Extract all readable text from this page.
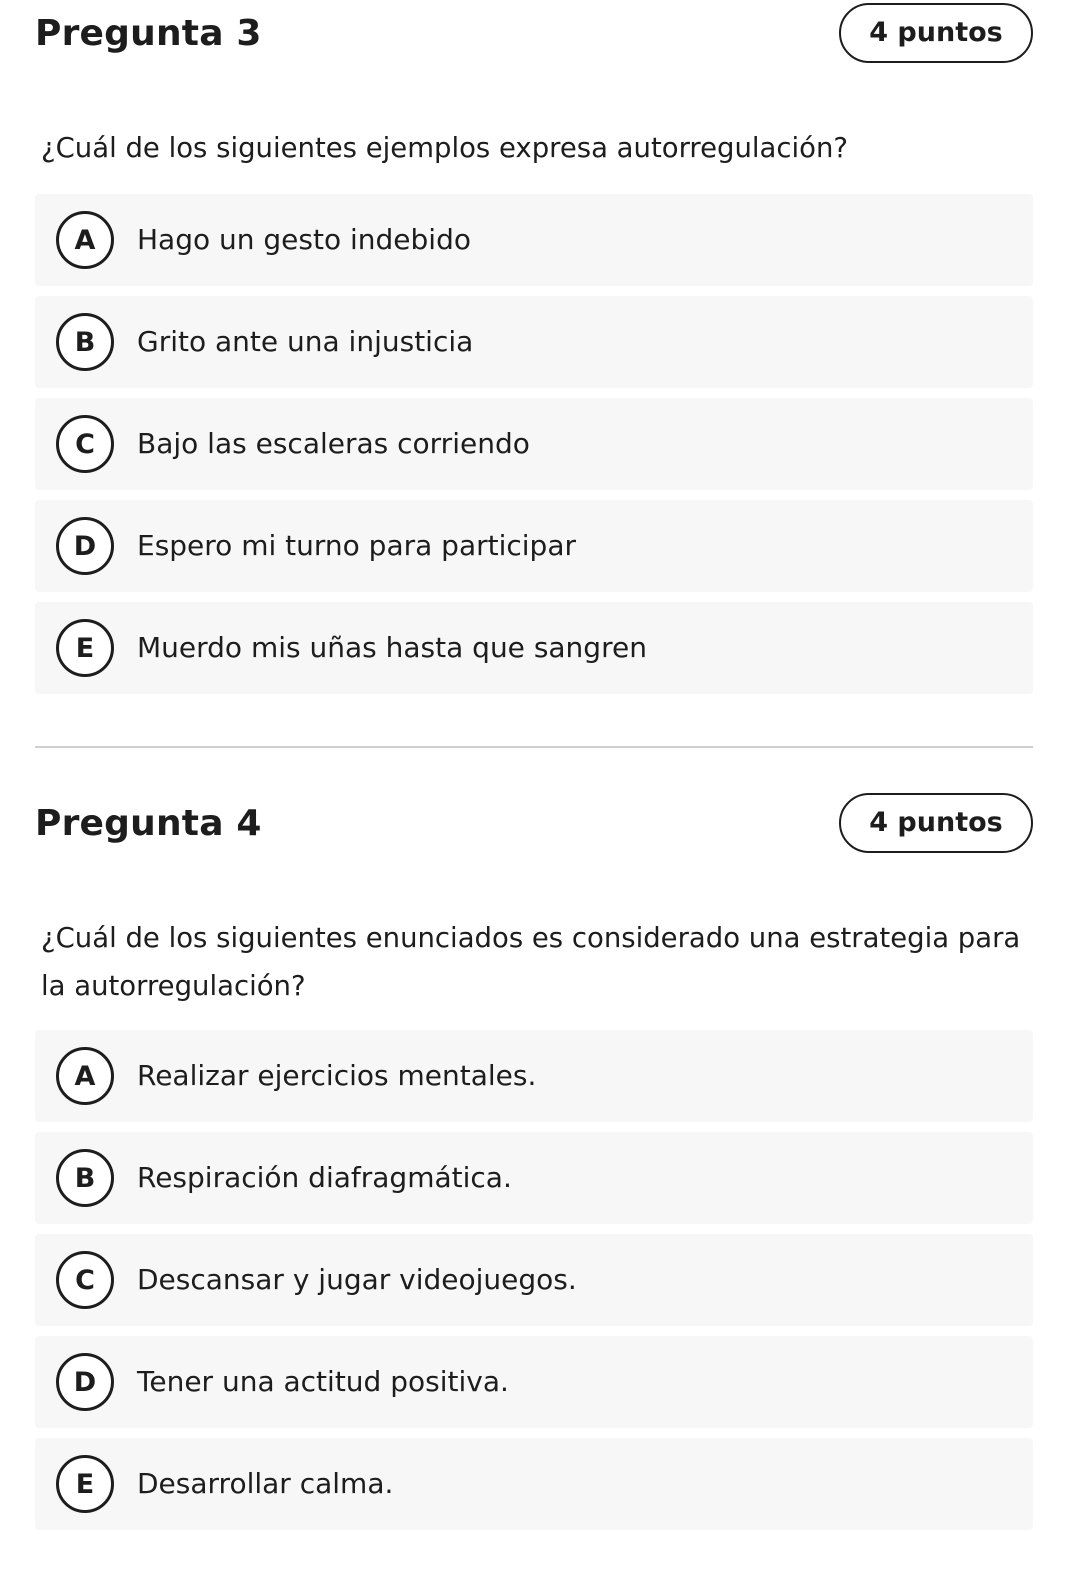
Pregunta 3	4 puntos

¿Cuál de los siguientes ejemplos expresa autorregulación?

A	Hago un gesto indebido
B	Grito ante una injusticia
C	Bajo las escaleras corriendo
D	Espero mi turno para participar
E	Muerdo mis uñas hasta que sangren
Pregunta 4	4 puntos

¿Cuál de los siguientes enunciados es considerado una estrategia para la autorregulación?

A	Realizar ejercicios mentales.
B	Respiración diafragmática.
C	Descansar y jugar videojuegos.
D	Tener una actitud positiva.
E	Desarrollar calma.
